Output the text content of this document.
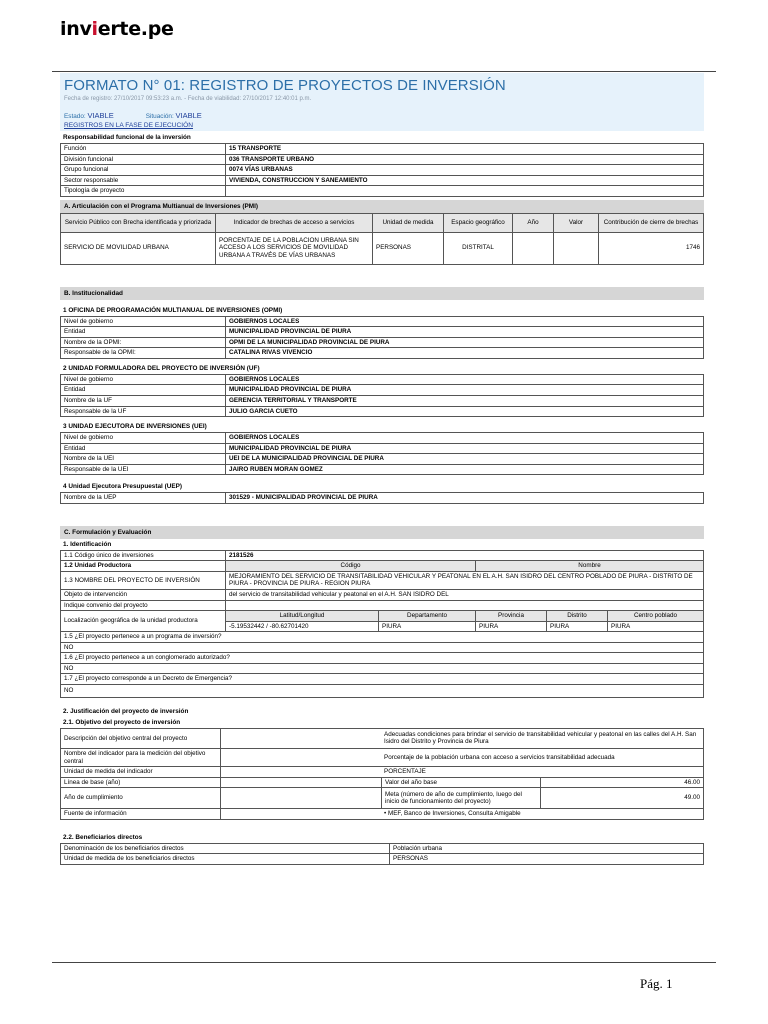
invierte.pe
FORMATO N° 01: REGISTRO DE PROYECTOS DE INVERSIÓN
Fecha de registro: 27/10/2017 09:53:23 a.m. - Fecha de viabilidad: 27/10/2017 12:40:01 p.m.
Estado: VIABLE	Situación: VIABLE
REGISTROS EN LA FASE DE EJECUCIÓN
Responsabilidad funcional de la inversión
Función	15 TRANSPORTE
División funcional	036 TRANSPORTE URBANO
Grupo funcional	0074 VÍAS URBANAS
Sector responsable	VIVIENDA, CONSTRUCCION Y SANEAMIENTO
Tipología de proyecto	
A. Articulación con el Programa Multianual de Inversiones (PMI)
Servicio Público con Brecha identificada y priorizada	Indicador de brechas de acceso a servicios	Unidad de medida	Espacio geográfico	Año	Valor	Contribución de cierre de brechas
SERVICIO DE MOVILIDAD URBANA	PORCENTAJE DE LA POBLACION URBANA SIN ACCESO A LOS SERVICIOS DE MOVILIDAD URBANA A TRAVÉS DE VÍAS URBANAS	PERSONAS	DISTRITAL			1746
B. Institucionalidad
1 OFICINA DE PROGRAMACIÓN MULTIANUAL DE INVERSIONES (OPMI)
Nivel de gobierno	GOBIERNOS LOCALES
Entidad	MUNICIPALIDAD PROVINCIAL DE PIURA
Nombre de la OPMI:	OPMI DE LA MUNICIPALIDAD PROVINCIAL DE PIURA
Responsable de la OPMI:	CATALINA RIVAS VIVENCIO
2 UNIDAD FORMULADORA DEL PROYECTO DE INVERSIÓN (UF)
Nivel de gobierno	GOBIERNOS LOCALES
Entidad	MUNICIPALIDAD PROVINCIAL DE PIURA
Nombre de la UF	GERENCIA TERRITORIAL Y TRANSPORTE
Responsable de la UF	JULIO GARCIA CUETO
3 UNIDAD EJECUTORA DE INVERSIONES (UEI)
Nivel de gobierno	GOBIERNOS LOCALES
Entidad	MUNICIPALIDAD PROVINCIAL DE PIURA
Nombre de la UEI	UEI DE LA MUNICIPALIDAD PROVINCIAL DE PIURA
Responsable de la UEI	JAIRO RUBEN MORAN GOMEZ
4 Unidad Ejecutora Presupuestal (UEP)
Nombre de la UEP	301529 - MUNICIPALIDAD PROVINCIAL DE PIURA
C. Formulación y Evaluación
1. Identificación
1.1 Código único de inversiones	2181526				
1.2 Unidad Productora	Código		Nombre		
1.3 NOMBRE DEL PROYECTO DE INVERSIÓN	MEJORAMIENTO DEL SERVICIO DE TRANSITABILIDAD VEHICULAR Y PEATONAL EN EL A.H. SAN ISIDRO DEL CENTRO POBLADO DE PIURA - DISTRITO DE PIURA - PROVINCIA DE PIURA - REGION PIURA				
Objeto de intervención	del servicio de transitabilidad vehicular y peatonal en el A.H. SAN ISIDRO DEL				
Indique convenio del proyecto					
Localización geográfica de la unidad productora	Latitud/Longitud	Departamento	Provincia	Distrito	Centro poblado
	-5.19532442 / -80.62701420	PIURA	PIURA	PIURA	PIURA
1.5 ¿El proyecto pertenece a un programa de inversión?					
NO					
1.6 ¿El proyecto pertenece a un conglomerado autorizado?					
NO					
1.7 ¿El proyecto corresponde a un Decreto de Emergencia?					
NO					
2. Justificación del proyecto de inversión
2.1. Objetivo del proyecto de inversión
Descripción del objetivo central del proyecto	Adecuadas condiciones para brindar el servicio de transitabilidad vehicular y peatonal en las calles del A.H. San Isidro del Distrito y Provincia de Piura		
Nombre del indicador para la medición del objetivo central	Porcentaje de la población urbana con acceso a servicios transitabilidad adecuada		
Unidad de medida del indicador	PORCENTAJE		
Línea de base (año)		Valor del año base	46.00
Año de cumplimiento		Meta (número de año de cumplimiento, luego del inicio de funcionamiento del proyecto)	49.00
Fuente de información	• MEF, Banco de Inversiones, Consulta Amigable		
2.2. Beneficiarios directos
Denominación de los beneficiarios directos	Población urbana
Unidad de medida de los beneficiarios directos	PERSONAS
Pág. 1
